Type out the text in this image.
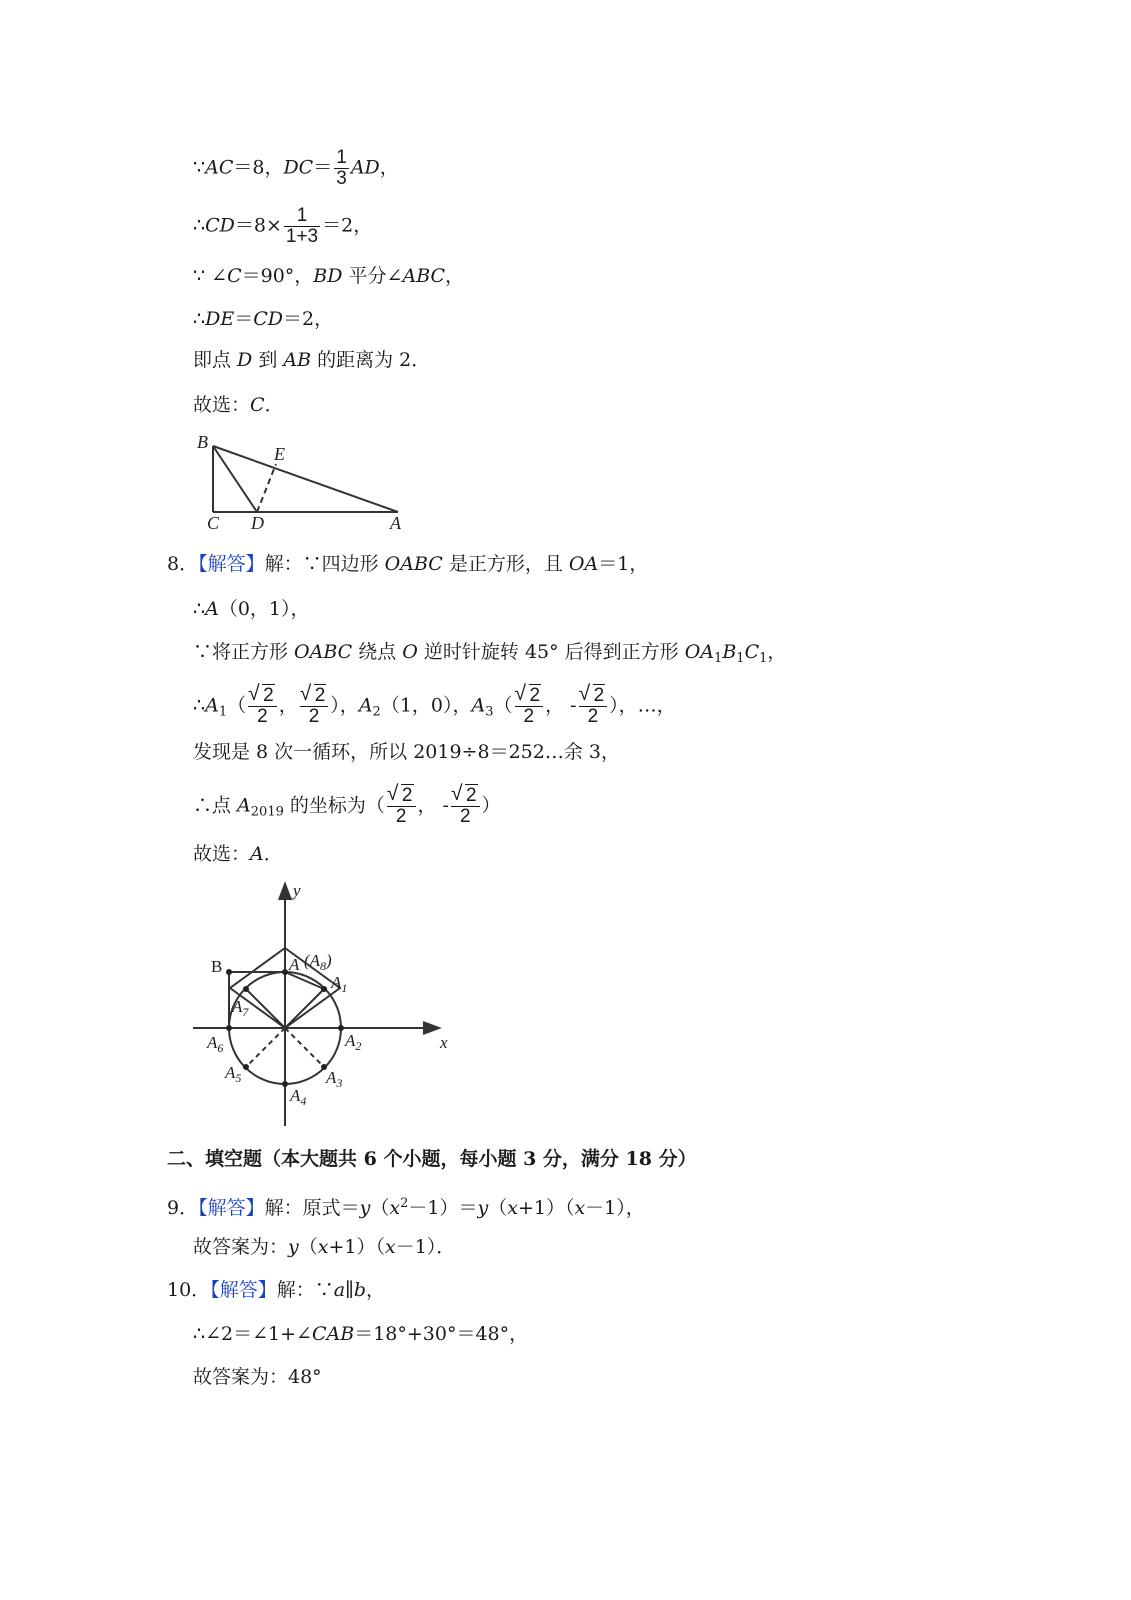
∵AC＝8，$DC= \frac{1}{3}$ AD，
∴CD＝8× $\frac{1}{1+3} =2$，
∵ ∠C＝90°，BD 平分∠ABC，
∴DE＝CD＝2，
即点 D 到 AB 的距离为 2．
故选：C．
B
E
C D	A
8．【解答】解：∵四边形 OABC 是正方形，且 OA＝1，
∴A（0，1），
∵将正方形 OABC 绕点 O 逆时针旋转 45° 后得到正方形 $OA_1B_1C_1$，
$\therefore A_1$（ √ $\frac{2}{2}$ ， √ $\frac{2}{2}$ ），$A_2(1$，0），$A_3$（ √ $\frac{2}{2}$ ， - √ $\frac{2}{2}$ ），…，
发现是 8 次一循环，所以 2019÷8＝252…余 3，
∴点 $A_{2019}$ 的坐标为（ √ $\frac{2}{2}$ ， - √ $\frac{2}{2}$ ）
故选：A．
y
x
B	A $(A_8)$
$A_1$
$A_2$
$A_3$
$A_4$
$A_5$
$A_6$
$A_7$
二、填空题（本大题共 6 个小题，每小题 3 分，满分 18 分）
9．【解答】解：原式$=y(x^2-1)=y(x+1)(x-1)$，
故答案为：y（x+1）（x－1）．
10．【解答】解：∵a∥b，
∴∠2＝∠1+∠CAB＝18°+30°＝48°，
故答案为：48°
